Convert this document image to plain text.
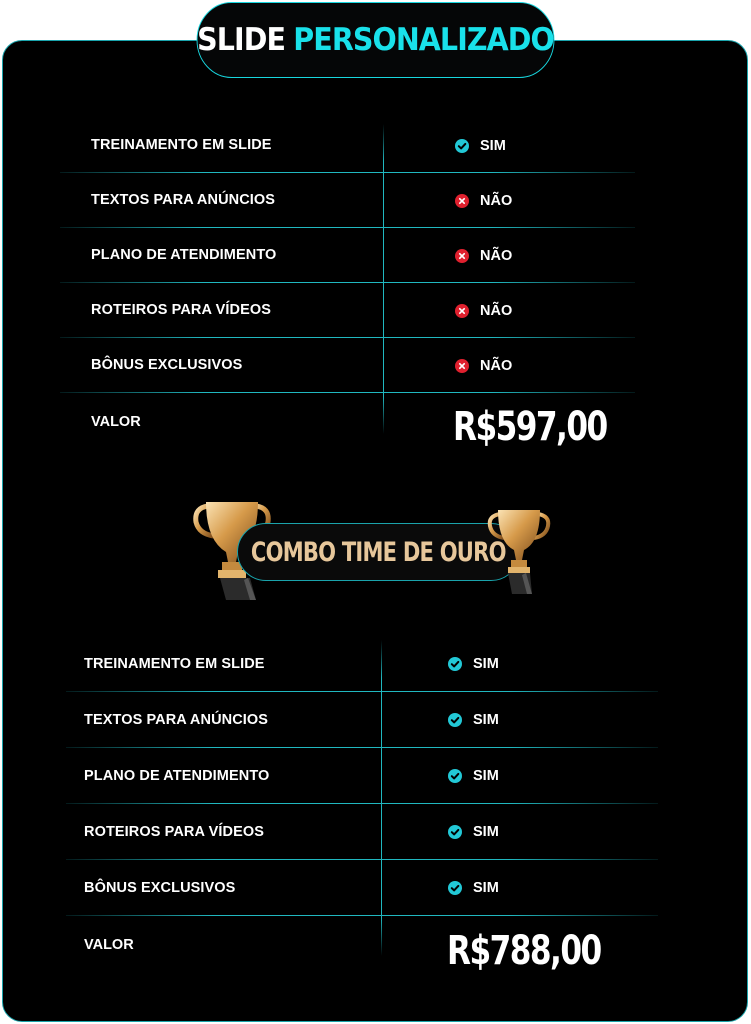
SLIDE PERSONALIZADO
TREINAMENTO EM SLIDE	SIM
TEXTOS PARA ANÚNCIOS	NÃO
PLANO DE ATENDIMENTO	NÃO
ROTEIROS PARA VÍDEOS	NÃO
BÔNUS EXCLUSIVOS	NÃO
VALOR	R$597,00
COMBO TIME DE OURO
TREINAMENTO EM SLIDE	SIM
TEXTOS PARA ANÚNCIOS	SIM
PLANO DE ATENDIMENTO	SIM
ROTEIROS PARA VÍDEOS	SIM
BÔNUS EXCLUSIVOS	SIM
VALOR	R$788,00
